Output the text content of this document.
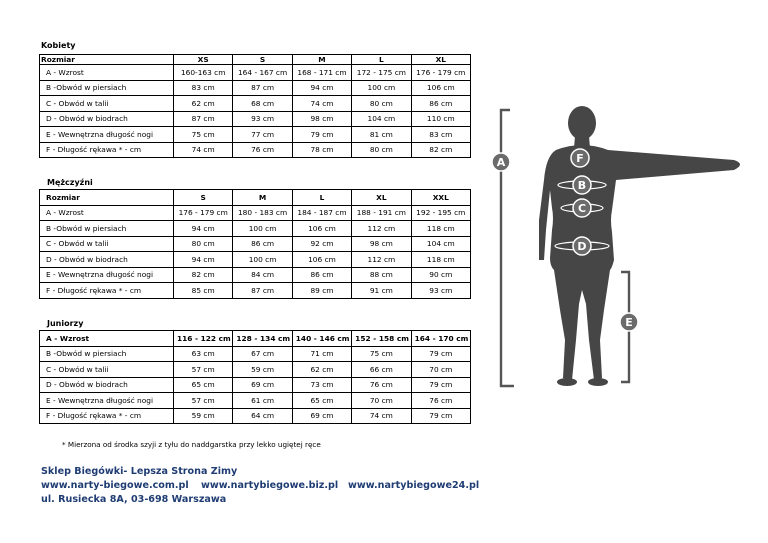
Kobiety
Rozmiar	XS	S	M	L	XL
A - Wzrost	160-163 cm	164 - 167 cm	168 - 171 cm	172 - 175 cm	176 - 179 cm
B -Obwód w piersiach	83 cm	87 cm	94 cm	100 cm	106 cm
C - Obwód w talii	62 cm	68 cm	74 cm	80 cm	86 cm
D - Obwód w biodrach	87 cm	93 cm	98 cm	104 cm	110 cm
E - Wewnętrzna długość nogi	75 cm	77 cm	79 cm	81 cm	83 cm
F - Długość rękawa * - cm	74 cm	76 cm	78 cm	80 cm	82 cm
Mężczyźni
Rozmiar	S	M	L	XL	XXL
A - Wzrost	176 - 179 cm	180 - 183 cm	184 - 187 cm	188 - 191 cm	192 - 195 cm
B -Obwód w piersiach	94 cm	100 cm	106 cm	112 cm	118 cm
C - Obwód w talii	80 cm	86 cm	92 cm	98 cm	104 cm
D - Obwód w biodrach	94 cm	100 cm	106 cm	112 cm	118 cm
E - Wewnętrzna długość nogi	82 cm	84 cm	86 cm	88 cm	90 cm
F - Długość rękawa * - cm	85 cm	87 cm	89 cm	91 cm	93 cm
Juniorzy
A - Wzrost	116 - 122 cm	128 - 134 cm	140 - 146 cm	152 - 158 cm	164 - 170 cm
B -Obwód w piersiach	63 cm	67 cm	71 cm	75 cm	79 cm
C - Obwód w talii	57 cm	59 cm	62 cm	66 cm	70 cm
D - Obwód w biodrach	65 cm	69 cm	73 cm	76 cm	79 cm
E - Wewnętrzna długość nogi	57 cm	61 cm	65 cm	70 cm	76 cm
F - Długość rękawa * - cm	59 cm	64 cm	69 cm	74 cm	79 cm
* Mierzona od środka szyji z tyłu do naddgarstka przy lekko ugiętej ręce
Sklep Biegówki- Lepsza Strona Zimy
www.narty-biegowe.com.pl www.nartybiegowe.biz.pl www.nartybiegowe24.pl
ul. Rusiecka 8A, 03-698 Warszawa
A	F
B
C
D
E
